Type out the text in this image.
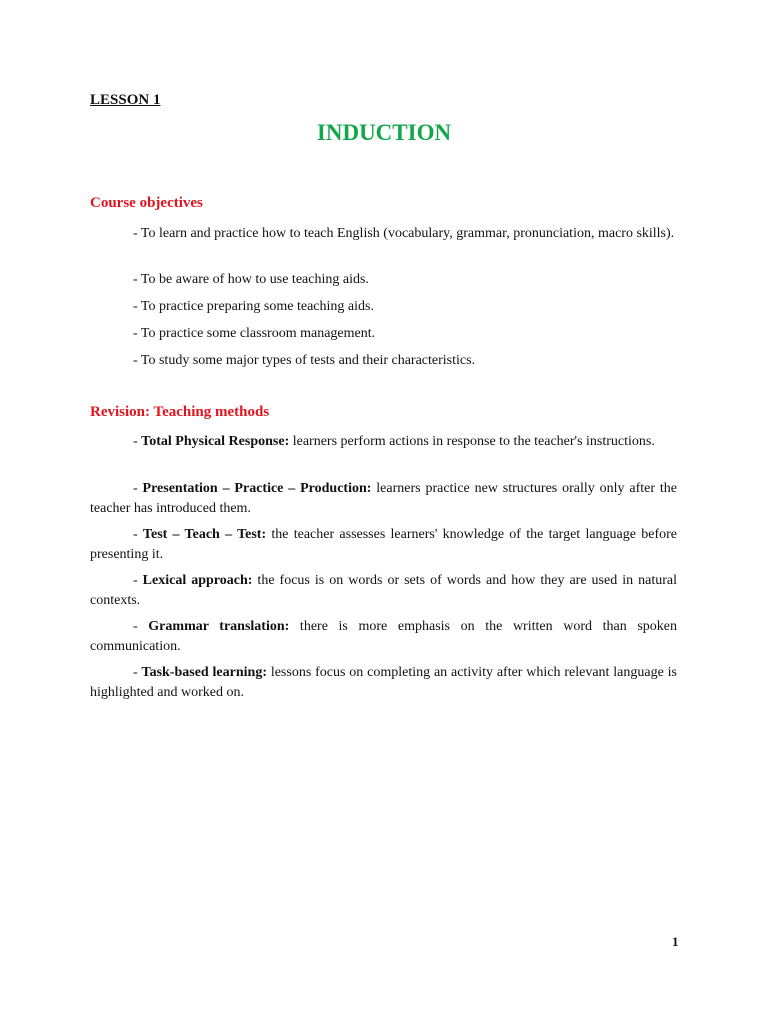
LESSON 1
INDUCTION
Course objectives

- To learn and practice how to teach English (vocabulary, grammar, pronunciation, macro skills).

- To be aware of how to use teaching aids.

- To practice preparing some teaching aids.

- To practice some classroom management.

- To study some major types of tests and their characteristics.

Revision: Teaching methods

- Total Physical Response: learners perform actions in response to the teacher's instructions.

- Presentation – Practice – Production: learners practice new structures orally only after the teacher has introduced them.

- Test – Teach – Test: the teacher assesses learners' knowledge of the target language before presenting it.

- Lexical approach: the focus is on words or sets of words and how they are used in natural contexts.

- Grammar translation: there is more emphasis on the written word than spoken communication.

- Task-based learning: lessons focus on completing an activity after which relevant language is highlighted and worked on.

1
